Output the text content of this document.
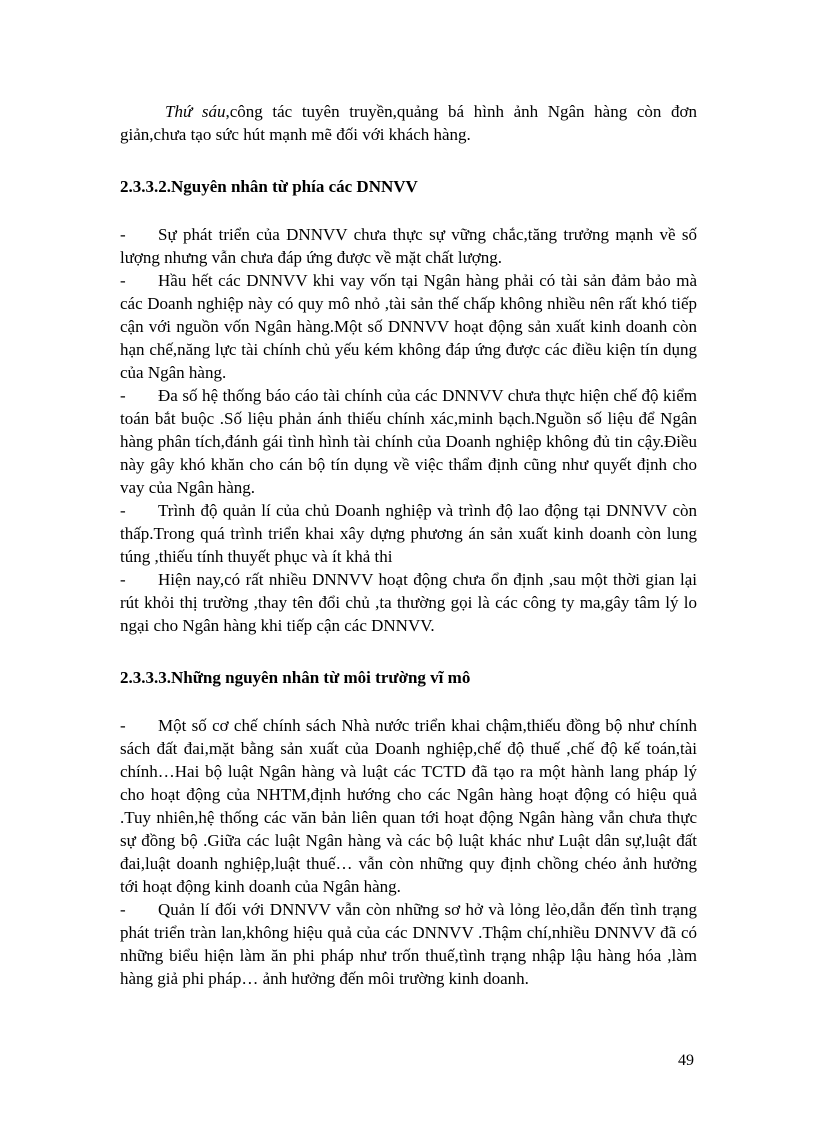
Thứ sáu,công tác tuyên truyền,quảng bá hình ảnh Ngân hàng còn đơn giản,chưa tạo sức hút mạnh mẽ đối với khách hàng.

2.3.3.2.Nguyên nhân từ phía các DNNVV

- Sự phát triển của DNNVV chưa thực sự vững chắc,tăng trưởng mạnh về số lượng nhưng vẫn chưa đáp ứng được về mặt chất lượng.

- Hầu hết các DNNVV khi vay vốn tại Ngân hàng phải có tài sản đảm bảo mà các Doanh nghiệp này có quy mô nhỏ ,tài sản thế chấp không nhiều nên rất khó tiếp cận với nguồn vốn Ngân hàng.Một số DNNVV hoạt động sản xuất kinh doanh còn hạn chế,năng lực tài chính chủ yếu kém không đáp ứng được các điều kiện tín dụng của Ngân hàng.

- Đa số hệ thống báo cáo tài chính của các DNNVV chưa thực hiện chế độ kiểm toán bắt buộc .Số liệu phản ánh thiếu chính xác,minh bạch.Nguồn số liệu để Ngân hàng phân tích,đánh gái tình hình tài chính của Doanh nghiệp không đủ tin cậy.Điều này gây khó khăn cho cán bộ tín dụng về việc thẩm định cũng như quyết định cho vay của Ngân hàng.

- Trình độ quản lí của chủ Doanh nghiệp và trình độ lao động tại DNNVV còn thấp.Trong quá trình triển khai xây dựng phương án sản xuất kinh doanh còn lung túng ,thiếu tính thuyết phục và ít khả thi

- Hiện nay,có rất nhiều DNNVV hoạt động chưa ổn định ,sau một thời gian lại rút khỏi thị trường ,thay tên đổi chủ ,ta thường gọi là các công ty ma,gây tâm lý lo ngại cho Ngân hàng khi tiếp cận các DNNVV.

2.3.3.3.Những nguyên nhân từ môi trường vĩ mô

- Một số cơ chế chính sách Nhà nước triển khai chậm,thiếu đồng bộ như chính sách đất đai,mặt bằng sản xuất của Doanh nghiệp,chế độ thuế ,chế độ kế toán,tài chính…Hai bộ luật Ngân hàng và luật các TCTD đã tạo ra một hành lang pháp lý cho hoạt động của NHTM,định hướng cho các Ngân hàng hoạt động có hiệu quả .Tuy nhiên,hệ thống các văn bản liên quan tới hoạt động Ngân hàng vẫn chưa thực sự đồng bộ .Giữa các luật Ngân hàng và các bộ luật khác như Luật dân sự,luật đất đai,luật doanh nghiệp,luật thuế… vẫn còn những quy định chồng chéo ảnh hưởng tới hoạt động kinh doanh của Ngân hàng.

- Quản lí đối với DNNVV vẫn còn những sơ hở và lỏng lẻo,dẫn đến tình trạng phát triển tràn lan,không hiệu quả của các DNNVV .Thậm chí,nhiều DNNVV đã có những biểu hiện làm ăn phi pháp như trốn thuế,tình trạng nhập lậu hàng hóa ,làm hàng giả phi pháp… ảnh hưởng đến môi trường kinh doanh.

49
